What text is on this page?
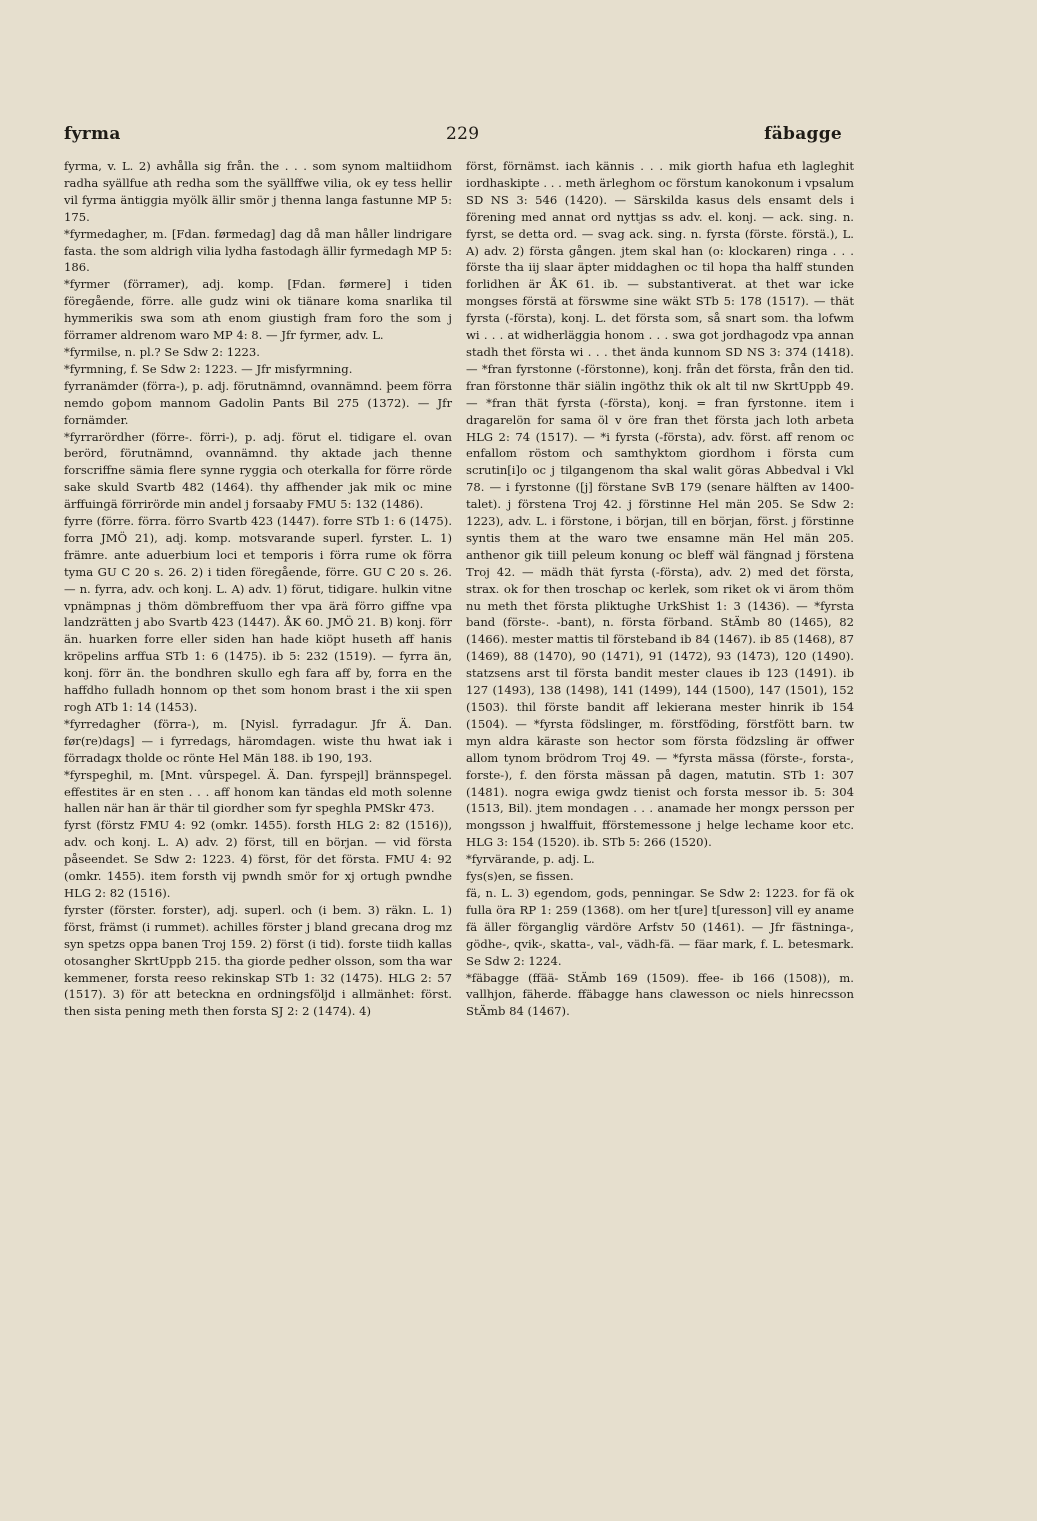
fyrma	229	fäbagge

fyrma, v. L. 2) avhålla sig från. the . . . som synom maltiidhom radha syällfue ath redha som the syällffwe vilia, ok ey tess hellir vil fyrma äntiggia myölk ällir smör j thenna langa fastunne MP 5: 175.

*fyrmedagher, m. [Fdan. førmedag] dag då man håller lindrigare fasta. the som aldrigh vilia lydha fastodagh ällir fyrmedagh MP 5: 186.

*fyrmer (förramer), adj. komp. [Fdan. førmere] i tiden föregående, förre. alle gudz wini ok tiänare koma snarlika til hymmerikis swa som ath enom giustigh fram foro the som j förramer aldrenom waro MP 4: 8. — Jfr fyrmer, adv. L.

*fyrmilse, n. pl.? Se Sdw 2: 1223.

*fyrmning, f. Se Sdw 2: 1223. — Jfr misfyrmning.

fyrranämder (förra-), p. adj. förutnämnd, ovannämnd. þeem förra nemdo goþom mannom Gadolin Pants Bil 275 (1372). — Jfr fornämder.

*fyrrarördher (förre-. förri-), p. adj. förut el. tidigare el. ovan berörd, förutnämnd, ovannämnd. thy aktade jach thenne forscriffne sämia flere synne ryggia och oterkalla for förre rörde sake skuld Svartb 482 (1464). thy affhender jak mik oc mine ärffuingä förrirörde min andel j forsaaby FMU 5: 132 (1486).

fyrre (förre. förra. förro Svartb 423 (1447). forre STb 1: 6 (1475). forra JMÖ 21), adj. komp. motsvarande superl. fyrster. L. 1) främre. ante aduerbium loci et temporis i förra rume ok förra tyma GU C 20 s. 26. 2) i tiden föregående, förre. GU C 20 s. 26. — n. fyrra, adv. och konj. L. A) adv. 1) förut, tidigare. hulkin vitne vpnämpnas j thöm dömbreffuom ther vpa ärä förro giffne vpa landzrätten j abo Svartb 423 (1447). ÅK 60. JMÖ 21. B) konj. förr än. huarken forre eller siden han hade kiöpt huseth aff hanis kröpelins arffua STb 1: 6 (1475). ib 5: 232 (1519). — fyrra än, konj. förr än. the bondhren skullo egh fara aff by, forra en the haffdho fulladh honnom op thet som honom brast i the xii spen rogh ATb 1: 14 (1453).

*fyrredagher (förra-), m. [Nyisl. fyrradagur. Jfr Ä. Dan. før(re)dags] — i fyrredags, häromdagen. wiste thu hwat iak i förradagx tholde oc rönte Hel Män 188. ib 190, 193.

*fyrspeghil, m. [Mnt. vûrspegel. Ä. Dan. fyrspejl] brännspegel. effestites är en sten . . . aff honom kan tändas eld moth solenne hallen när han är thär til giordher som fyr speghla PMSkr 473.

fyrst (förstz FMU 4: 92 (omkr. 1455). forsth HLG 2: 82 (1516)), adv. och konj. L. A) adv. 2) först, till en början. — vid första påseendet. Se Sdw 2: 1223. 4) först, för det första. FMU 4: 92 (omkr. 1455). item forsth vij pwndh smör for xj ortugh pwndhe HLG 2: 82 (1516).

fyrster (förster. forster), adj. superl. och (i bem. 3) räkn. L. 1) först, främst (i rummet). achilles förster j bland grecana drog mz syn spetzs oppa banen Troj 159. 2) först (i tid). forste tiidh kallas otosangher SkrtUppb 215. tha giorde pedher olsson, som tha war kemmener, forsta reeso rekinskap STb 1: 32 (1475). HLG 2: 57 (1517). 3) för att beteckna en ordningsföljd i allmänhet: först. then sista pening meth then forsta SJ 2: 2 (1474). 4)

först, förnämst. iach kännis . . . mik giorth hafua eth lagleghit iordhaskipte . . . meth ärleghom oc förstum kanokonum i vpsalum SD NS 3: 546 (1420). — Särskilda kasus dels ensamt dels i förening med annat ord nyttjas ss adv. el. konj. — ack. sing. n. fyrst, se detta ord. — svag ack. sing. n. fyrsta (förste. förstä.), L. A) adv. 2) första gången. jtem skal han (o: klockaren) ringa . . . förste tha iij slaar äpter middaghen oc til hopa tha halff stunden forlidhen är ÅK 61. ib. — substantiverat. at thet war icke mongses förstä at förswme sine wäkt STb 5: 178 (1517). — thät fyrsta (-första), konj. L. det första som, så snart som. tha lofwm wi . . . at widherläggia honom . . . swa got jordhagodz vpa annan stadh thet första wi . . . thet ända kunnom SD NS 3: 374 (1418). — *fran fyrstonne (-förstonne), konj. från det första, från den tid. fran förstonne thär siälin ingöthz thik ok alt til nw SkrtUppb 49. — *fran thät fyrsta (-första), konj. = fran fyrstonne. item i dragarelön for sama öl v öre fran thet första jach loth arbeta HLG 2: 74 (1517). — *i fyrsta (-första), adv. först. aff renom oc enfallom röstom och samthyktom giordhom i första cum scrutin[i]o oc j tilgangenom tha skal walit göras Abbedval i Vkl 78. — i fyrstonne ([j] förstane SvB 179 (senare hälften av 1400-talet). j förstena Troj 42. j förstinne Hel män 205. Se Sdw 2: 1223), adv. L. i förstone, i början, till en början, först. j förstinne syntis them at the waro twe ensamne män Hel män 205. anthenor gik tiill peleum konung oc bleff wäl fängnad j förstena Troj 42. — mädh thät fyrsta (-första), adv. 2) med det första, strax. ok for then troschap oc kerlek, som riket ok vi ärom thöm nu meth thet första pliktughe UrkShist 1: 3 (1436). — *fyrsta band (förste-. -bant), n. första förband. StÄmb 80 (1465), 82 (1466). mester mattis til försteband ib 84 (1467). ib 85 (1468), 87 (1469), 88 (1470), 90 (1471), 91 (1472), 93 (1473), 120 (1490). statzsens arst til första bandit mester claues ib 123 (1491). ib 127 (1493), 138 (1498), 141 (1499), 144 (1500), 147 (1501), 152 (1503). thil förste bandit aff lekierana mester hinrik ib 154 (1504). — *fyrsta födslinger, m. förstföding, förstfött barn. tw myn aldra käraste son hector som första födzsling är offwer allom tynom brödrom Troj 49. — *fyrsta mässa (förste-, forsta-, forste-), f. den första mässan på dagen, matutin. STb 1: 307 (1481). nogra ewiga gwdz tienist och forsta messor ib. 5: 304 (1513, Bil). jtem mondagen . . . anamade her mongx persson per mongsson j hwalffuit, fförstemessone j helge lechame koor etc. HLG 3: 154 (1520). ib. STb 5: 266 (1520).

*fyrvärande, p. adj. L.

fys(s)en, se fissen.

fä, n. L. 3) egendom, gods, penningar. Se Sdw 2: 1223. for fä ok fulla öra RP 1: 259 (1368). om her t[ure] t[uresson] vill ey aname fä äller förganglig värdöre Arfstv 50 (1461). — Jfr fästninga-, gödhe-, qvik-, skatta-, val-, vädh-fä. — fäar mark, f. L. betesmark. Se Sdw 2: 1224.

*fäbagge (ffää- StÄmb 169 (1509). ffee- ib 166 (1508)), m. vallhjon, fäherde. ffäbagge hans clawesson oc niels hinrecsson StÄmb 84 (1467).
